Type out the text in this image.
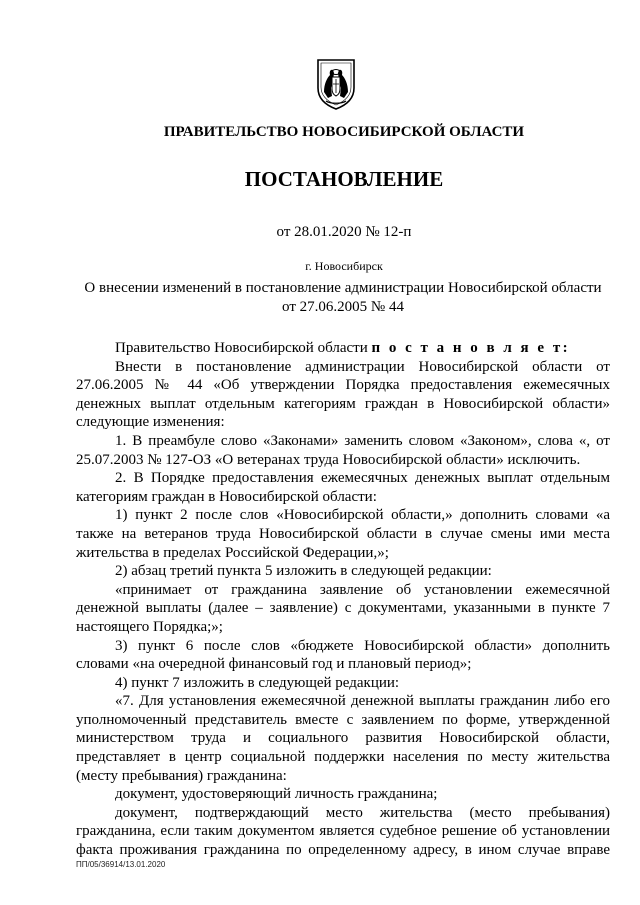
ПРАВИТЕЛЬСТВО НОВОСИБИРСКОЙ ОБЛАСТИ
ПОСТАНОВЛЕНИЕ
от 28.01.2020 № 12-п
г. Новосибирск
О внесении изменений в постановление администрации Новосибирской области от 27.06.2005 № 44

Правительство Новосибирской области п о с т а н о в л я е т:

Внести в постановление администрации Новосибирской области от 27.06.2005 № 44 «Об утверждении Порядка предоставления ежемесячных денежных выплат отдельным категориям граждан в Новосибирской области» следующие изменения:

1. В преамбуле слово «Законами» заменить словом «Законом», слова «, от 25.07.2003 № 127-ОЗ «О ветеранах труда Новосибирской области» исключить.

2. В Порядке предоставления ежемесячных денежных выплат отдельным категориям граждан в Новосибирской области:

1) пункт 2 после слов «Новосибирской области,» дополнить словами «а также на ветеранов труда Новосибирской области в случае смены ими места жительства в пределах Российской Федерации,»;

2) абзац третий пункта 5 изложить в следующей редакции:

«принимает от гражданина заявление об установлении ежемесячной денежной выплаты (далее – заявление) с документами, указанными в пункте 7 настоящего Порядка;»;

3) пункт 6 после слов «бюджете Новосибирской области» дополнить словами «на очередной финансовый год и плановый период»;

4) пункт 7 изложить в следующей редакции:

«7. Для установления ежемесячной денежной выплаты гражданин либо его уполномоченный представитель вместе с заявлением по форме, утвержденной министерством труда и социального развития Новосибирской области, представляет в центр социальной поддержки населения по месту жительства (месту пребывания) гражданина:

документ, удостоверяющий личность гражданина;

документ, подтверждающий место жительства (место пребывания) гражданина, если таким документом является судебное решение об установлении факта проживания гражданина по определенному адресу, в ином случае вправе

ПП/05/36914/13.01.2020
